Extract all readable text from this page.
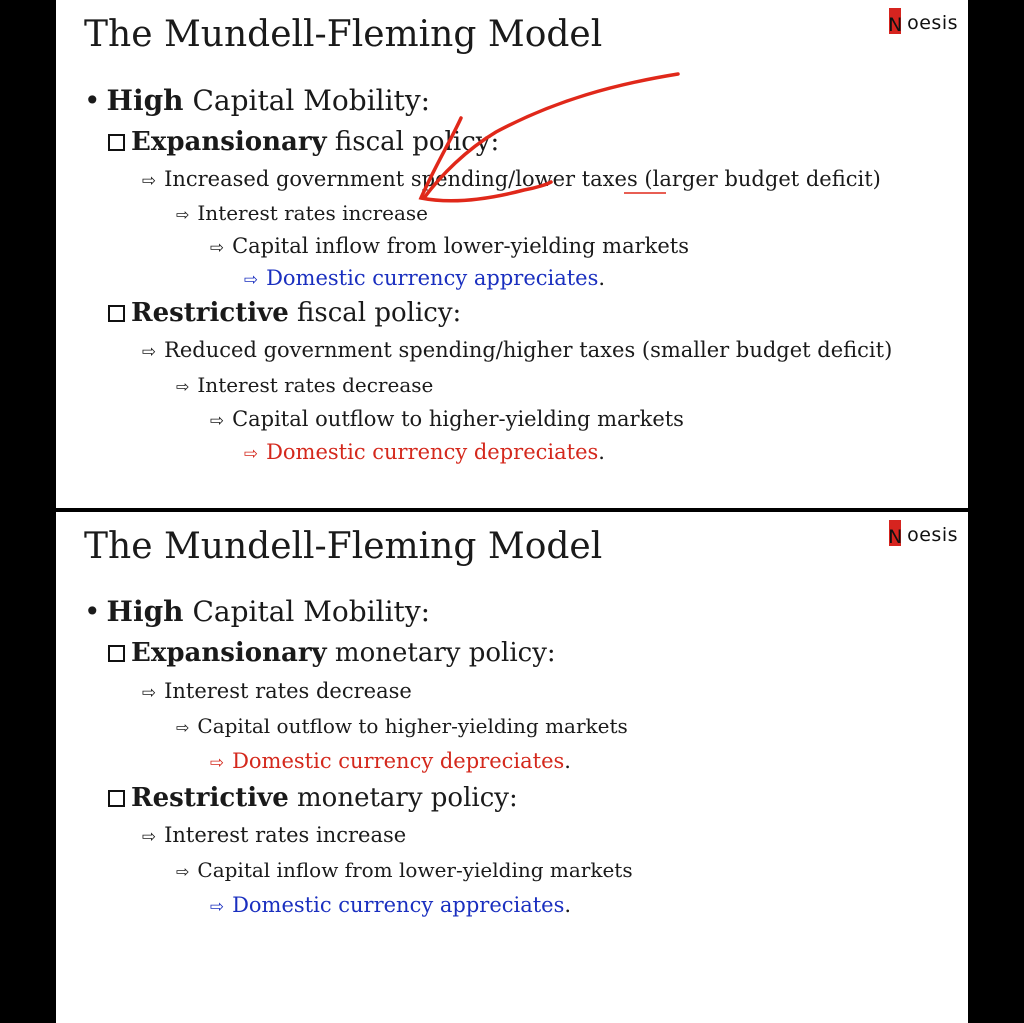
The Mundell-Fleming Model	N oesis
• High Capital Mobility:
Expansionary fiscal policy:
⇨ Increased government spending/lower taxes (larger budget deficit)
⇨ Interest rates increase
⇨ Capital inflow from lower-yielding markets
⇨ Domestic currency appreciates.
Restrictive fiscal policy:
⇨ Reduced government spending/higher taxes (smaller budget deficit)
⇨ Interest rates decrease
⇨ Capital outflow to higher-yielding markets
⇨ Domestic currency depreciates.
The Mundell-Fleming Model	N oesis
• High Capital Mobility:
Expansionary monetary policy:
⇨ Interest rates decrease
⇨ Capital outflow to higher-yielding markets
⇨ Domestic currency depreciates.
Restrictive monetary policy:
⇨ Interest rates increase
⇨ Capital inflow from lower-yielding markets
⇨ Domestic currency appreciates.
